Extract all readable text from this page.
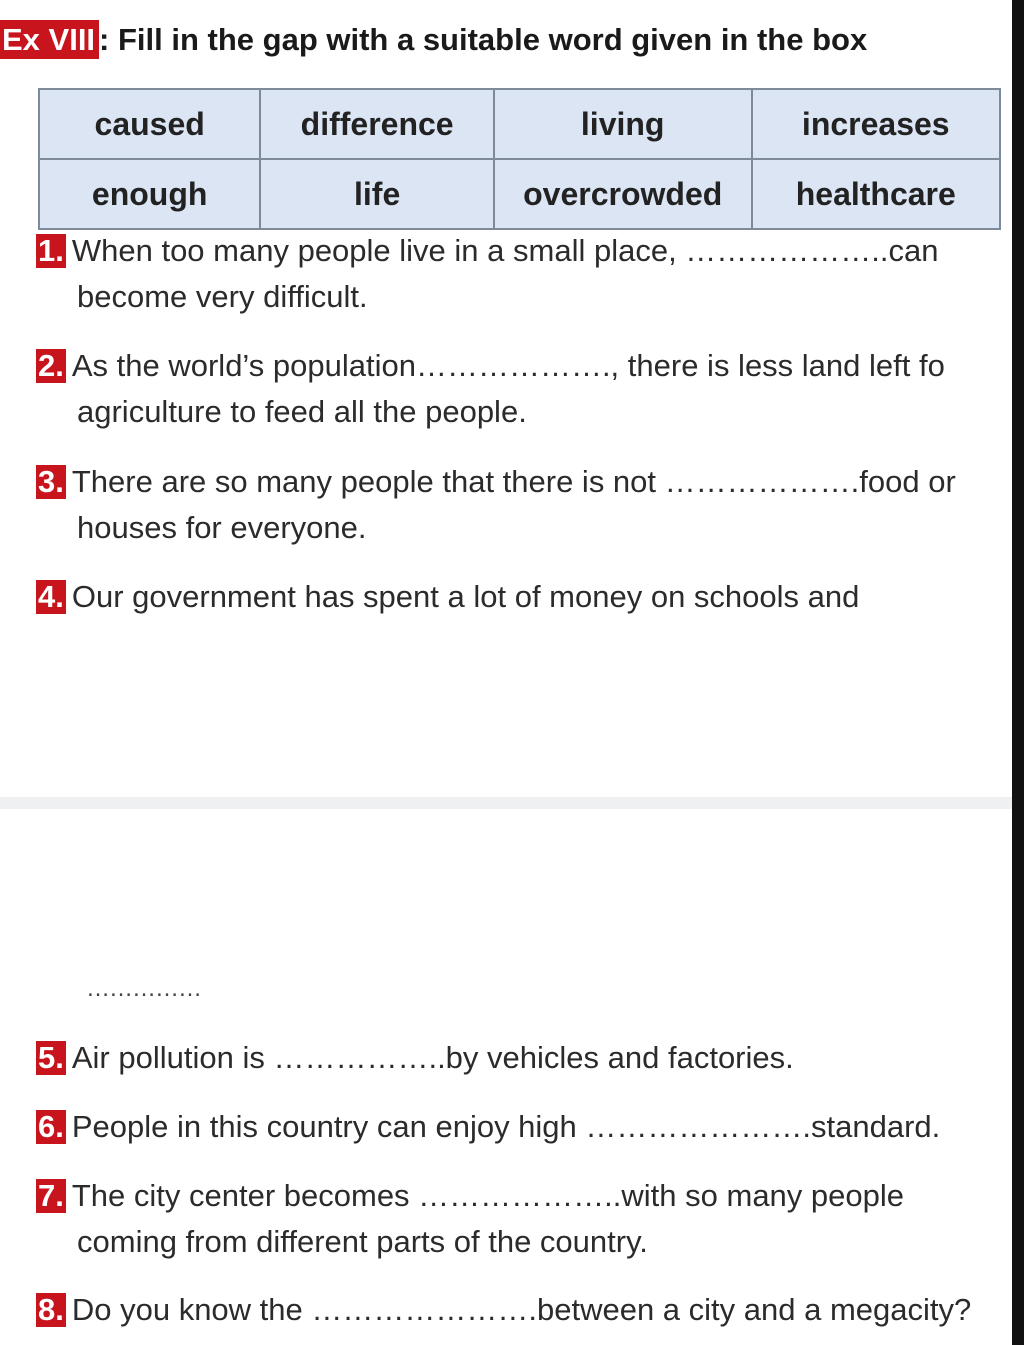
Ex VIII : Fill in the gap with a suitable word given in the box
caused	difference	living	increases
enough	life	overcrowded	healthcare
1. When too many people live in a small place, ………………..can
become very difficult.
2. As the world’s population………………., there is less land left fo
agriculture to feed all the people.
3. There are so many people that there is not ……………….food or
houses for everyone.
4. Our government has spent a lot of money on schools and
……………
5. Air pollution is ……………..by vehicles and factories.
6. People in this country can enjoy high ………………….standard.
7. The city center becomes ………………..with so many people
coming from different parts of the country.
8. Do you know the ………………….between a city and a megacity?
